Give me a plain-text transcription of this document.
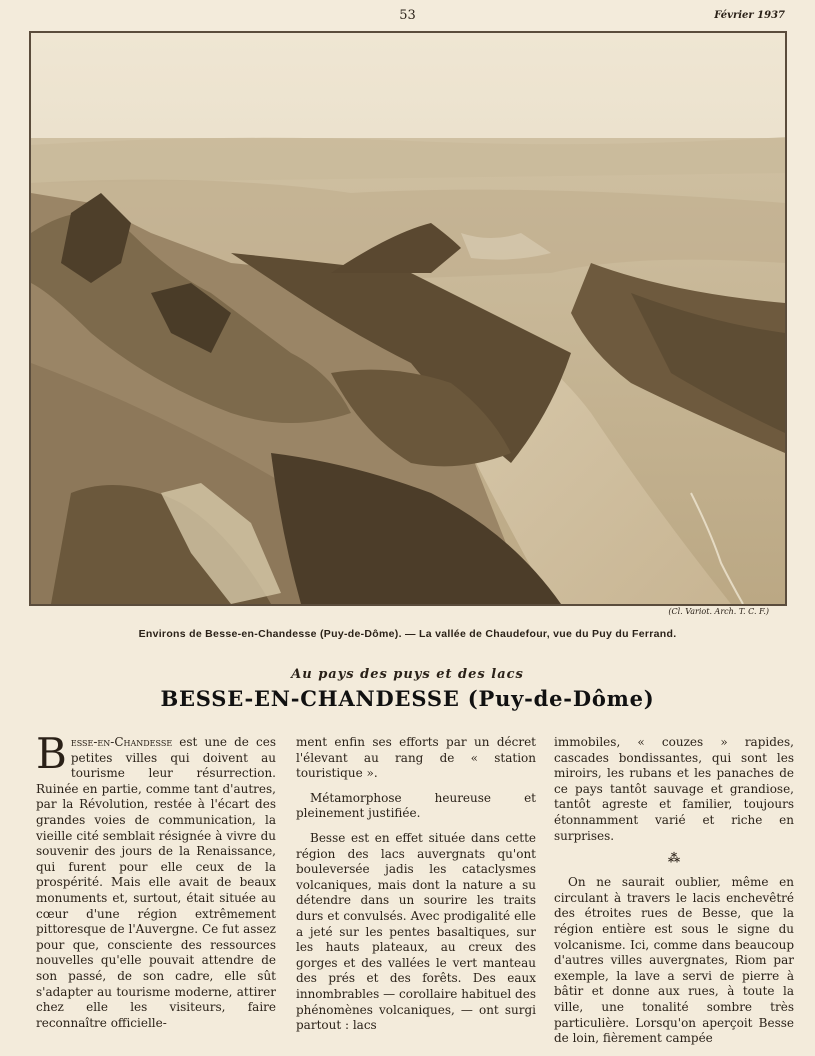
53	Février 1937
(Cl. Variot. Arch. T. C. F.)
Environs de Besse-en-Chandesse (Puy-de-Dôme). — La vallée de Chaudefour, vue du Puy du Ferrand.
Au pays des puys et des lacs
BESSE-EN-CHANDESSE (Puy-de-Dôme)

Besse-en-Chandesse est une de ces petites villes qui doivent au tourisme leur résurrection. Ruinée en partie, comme tant d'autres, par la Révolution, restée à l'écart des grandes voies de communication, la vieille cité semblait résignée à vivre du souvenir des jours de la Renaissance, qui furent pour elle ceux de la prospérité. Mais elle avait de beaux monuments et, surtout, était située au cœur d'une région extrêmement pittoresque de l'Auvergne. Ce fut assez pour que, consciente des ressources nouvelles qu'elle pouvait attendre de son passé, de son cadre, elle sût s'adapter au tourisme moderne, attirer chez elle les visiteurs, faire reconnaître officielle-

ment enfin ses efforts par un décret l'élevant au rang de « station touristique ».

Métamorphose heureuse et pleinement justifiée.

Besse est en effet située dans cette région des lacs auvergnats qu'ont bouleversée jadis les cataclysmes volcaniques, mais dont la nature a su détendre dans un sourire les traits durs et convulsés. Avec prodigalité elle a jeté sur les pentes basaltiques, sur les hauts plateaux, au creux des gorges et des vallées le vert manteau des prés et des forêts. Des eaux innombrables — corollaire habituel des phénomènes volcaniques, — ont surgi partout : lacs

immobiles, « couzes » rapides, cascades bondissantes, qui sont les miroirs, les rubans et les panaches de ce pays tantôt sauvage et grandiose, tantôt agreste et familier, toujours étonnamment varié et riche en surprises.

⁂

On ne saurait oublier, même en circulant à travers le lacis enchevêtré des étroites rues de Besse, que la région entière est sous le signe du volcanisme. Ici, comme dans beaucoup d'autres villes auvergnates, Riom par exemple, la lave a servi de pierre à bâtir et donne aux rues, à toute la ville, une tonalité sombre très particulière. Lorsqu'on aperçoit Besse de loin, fièrement campée
